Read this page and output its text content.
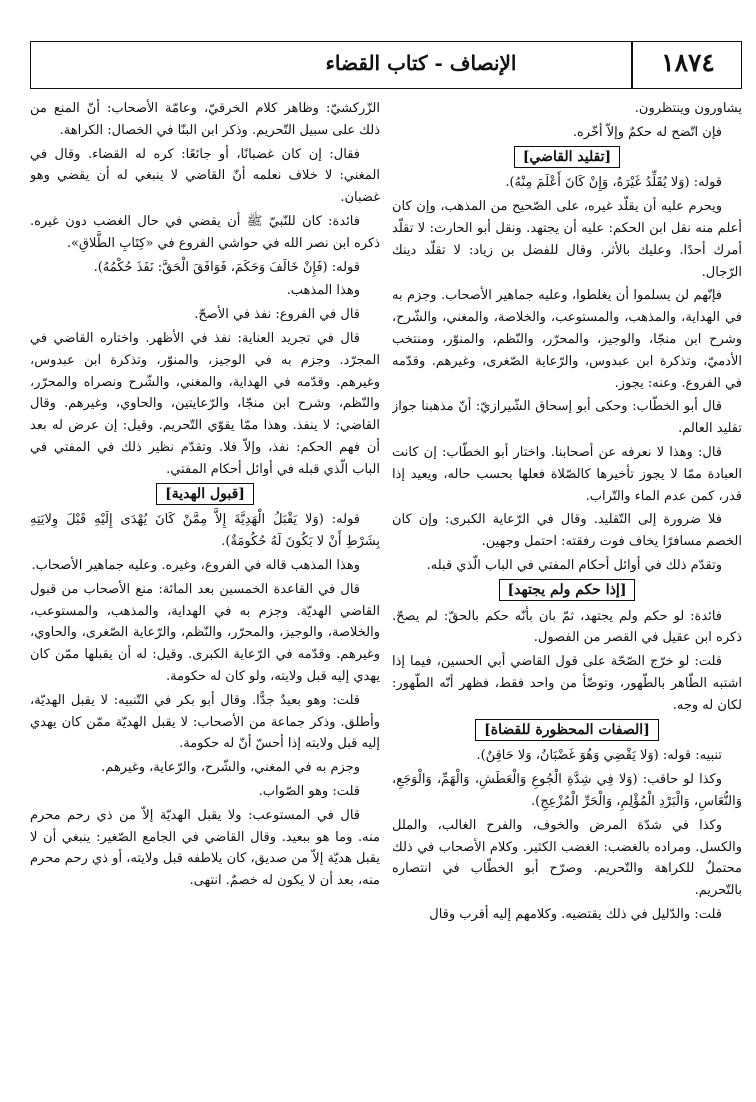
الإنصاف - كتاب القضاء	١٨٧٤

يشاورون وينتظرون.

فإن اتّضح له حكمٌ وإلاّ أخّره.

[تقليد القاضي]

قوله: (وَلا يُقَلِّدُ غَيْرَهُ، وَإِنْ كَانَ أَعْلَمَ مِنْهُ).

ويحرم عليه أن يقلّد غيره، على الصّحيح من المذهب، وإن كان أعلم منه نقل ابن الحكم: عليه أن يجتهد. ونقل أبو الحارث: لا تقلّد أمرك أحدًا. وعليك بالأثر. وقال للفضل بن زياد: لا تقلّد دينك الرّجال.

فإنّهم لن يسلموا أن يغلطوا، وعليه جماهير الأصحاب. وجزم به في الهداية، والمذهب، والمستوعب، والخلاصة، والمغني، والشّرح، وشرح ابن منجّا، والوجيز، والمحرّر، والنّظم، والمنوّر، ومنتخب الأدميّ، وتذكرة ابن عبدوس، والرّعاية الصّغرى، وغيرهم. وقدّمه في الفروع. وعنه: يجوز.

قال أبو الخطّاب: وحكى أبو إسحاق الشّيرازيّ: أنّ مذهبنا جواز تقليد العالم.

قال: وهذا لا نعرفه عن أصحابنا. واختار أبو الخطّاب: إن كانت العبادة ممّا لا يجوز تأخيرها كالصّلاة فعلها بحسب حاله، ويعيد إذا قدر، كمن عدم الماء والتّراب.

فلا ضرورة إلى التّقليد. وقال في الرّعاية الكبرى: وإن كان الخصم مسافرًا يخاف فوت رفقته: احتمل وجهين.

وتقدّم ذلك في أوائل أحكام المفتي في الباب الّذي قبله.

[إذا حكم ولم يجتهد]

فائدة: لو حكم ولم يجتهد، ثمّ بان بأنّه حكم بالحقّ: لم يصحّ. ذكره ابن عقيل في القصر من الفصول.

قلت: لو خرّج الصّحّة على قول القاضي أبي الحسين، فيما إذا اشتبه الطّاهر بالطّهور، وتوضّأ من واحد فقط، فظهر أنّه الطّهور: لكان له وجه.

[الصفات المحظورة للقضاة]

تنبيه: قوله: (وَلا يَقْضِي وَهُوَ غَضْبَانُ، وَلا حَاقِنٌ).

وكذا لو حاقب: (وَلا فِي شِدَّةِ الْجُوعِ وَالْعَطَشِ، وَالْهَمِّ، وَالْوَجَعِ، وَالنُّعَاسِ، وَالْبَرْدِ الْمُؤْلِمِ، وَالْحَرِّ الْمُزْعِجِ).

وكذا في شدّة المرض والخوف، والفرح الغالب، والملل والكسل. ومراده بالغضب: الغضب الكثير. وكلام الأصحاب في ذلك محتملٌ للكراهة والتّحريم. وصرّح أبو الخطّاب في انتصاره بالتّحريم.

قلت: والدّليل في ذلك يقتضيه. وكلامهم إليه أقرب وقال

الزّركشيّ: وظاهر كلام الخرقيّ، وعامّة الأصحاب: أنّ المنع من ذلك على سبيل التّحريم. وذكر ابن البنّا في الخصال: الكراهة.

فقال: إن كان غضبانًا، أو جائعًا: كره له القضاء. وقال في المغني: لا خلاف نعلمه أنّ القاضي لا ينبغي له أن يقضي وهو غضبان.

فائدة: كان للنّبيّ ﷺ أن يقضي في حال الغضب دون غيره. ذكره ابن نصر الله في حواشي الفروع في «كِتَابِ الطَّلاقِ».

قوله: (فَإِنْ خَالَفَ وَحَكَمَ، فَوَافَقَ الْحَقَّ: نَفَذَ حُكْمُهُ).

وهذا المذهب.

قال في الفروع: نفذ في الأصحّ.

قال في تجريد العناية: نفذ في الأظهر. واختاره القاضي في المجرّد. وجزم به في الوجيز، والمنوّر، وتذكرة ابن عبدوس، وغيرهم. وقدّمه في الهداية، والمغني، والشّرح ونصراه والمحرّر، والنّظم، وشرح ابن منجّا، والرّعايتين، والحاوي، وغيرهم. وقال القاضي: لا ينفذ. وهذا ممّا يقوّي التّحريم. وقيل: إن عرض له بعد أن فهم الحكم: نفذ، وإلاّ فلا. وتقدّم نظير ذلك في المفتي في الباب الّذي قبله في أوائل أحكام المفتي.

[قبول الهدية]

قوله: (وَلا يَقْبَلُ الْهَدِيَّةَ إِلاَّ مِمَّنْ كَانَ يُهْدَى إِلَيْهِ قَبْلَ وِلايَتِهِ بِشَرْطِ أَنْ لا يَكُونَ لَهُ حُكُومَةٌ).

وهذا المذهب قاله في الفروع، وغيره. وعليه جماهير الأصحاب.

قال في القاعدة الخمسين بعد المائة: منع الأصحاب من قبول القاضي الهديّة. وجزم به في الهداية، والمذهب، والمستوعب، والخلاصة، والوجيز، والمحرّر، والنّظم، والرّعاية الصّغرى، والحاوي، وغيرهم. وقدّمه في الرّعاية الكبرى. وقيل: له أن يقبلها ممّن كان يهدي إليه قبل ولايته، ولو كان له حكومة.

قلت: وهو بعيدٌ جدًّا. وقال أبو بكر في التّنبيه: لا يقبل الهديّة، وأطلق. وذكر جماعة من الأصحاب: لا يقبل الهديّة ممّن كان يهدي إليه قبل ولايته إذا أحسّ أنّ له حكومة.

وجزم به في المغني، والشّرح، والرّعاية، وغيرهم.

قلت: وهو الصّواب.

قال في المستوعب: ولا يقبل الهديّة إلاّ من ذي رحم محرم منه. وما هو ببعيد. وقال القاضي في الجامع الصّغير: ينبغي أن لا يقبل هديّة إلاّ من صديق، كان يلاطفه قبل ولايته، أو ذي رحم محرم منه، بعد أن لا يكون له خصمٌ. انتهى.
